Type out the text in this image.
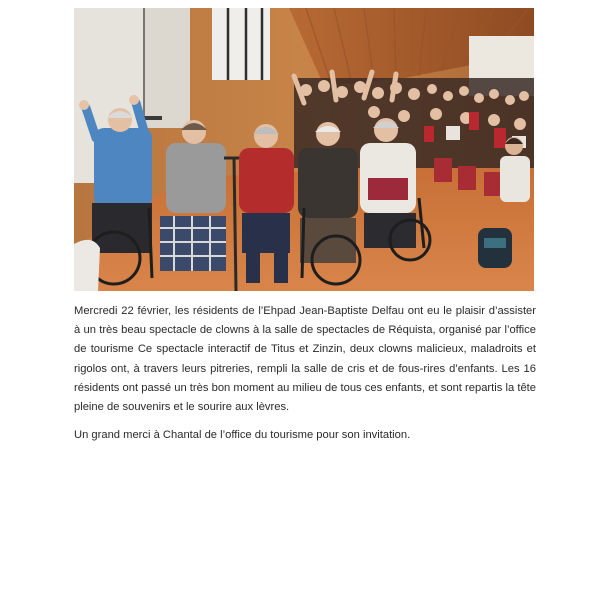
Mercredi 22 février, les résidents de l’Ehpad Jean-Baptiste Delfau ont eu le plaisir d’assister à un très beau spectacle de clowns à la salle de spectacles de Réquista, organisé par l’office de tourisme Ce spectacle interactif de Titus et Zinzin, deux clowns malicieux, maladroits et rigolos ont, à travers leurs pitreries, rempli la salle de cris et de fous-rires d’enfants. Les 16 résidents ont passé un très bon moment au milieu de tous ces enfants, et sont repartis la tête pleine de souvenirs et le sourire aux lèvres.

Un grand merci à Chantal de l’office du tourisme pour son invitation.
